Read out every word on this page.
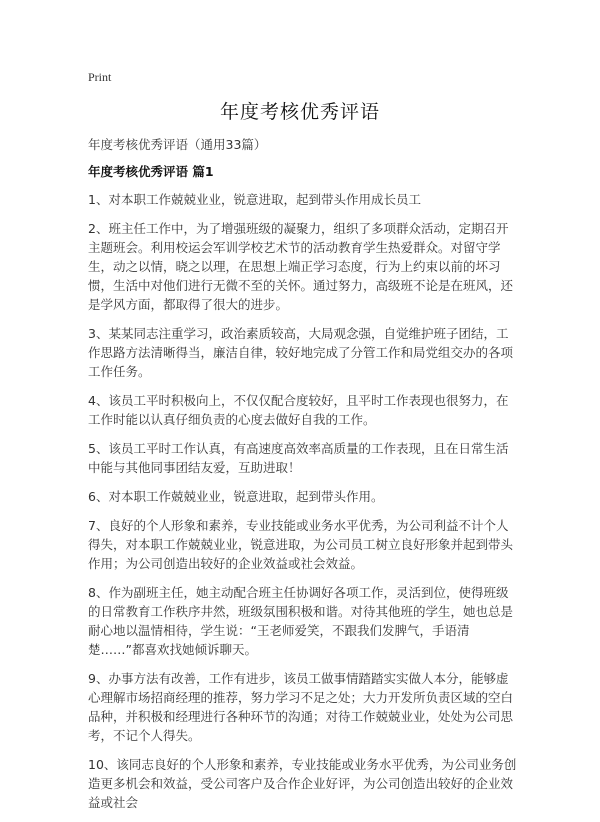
Print
年度考核优秀评语
年度考核优秀评语（通用33篇）
年度考核优秀评语 篇1

1、对本职工作兢兢业业，锐意进取，起到带头作用成长员工

2、班主任工作中，为了增强班级的凝聚力，组织了多项群众活动，定期召开主题班会。利用校运会军训学校艺术节的活动教育学生热爱群众。对留守学生，动之以情，晓之以理，在思想上端正学习态度，行为上约束以前的坏习惯，生活中对他们进行无微不至的关怀。通过努力，高级班不论是在班风，还是学风方面，都取得了很大的进步。

3、某某同志注重学习，政治素质较高，大局观念强，自觉维护班子团结，工作思路方法清晰得当，廉洁自律，较好地完成了分管工作和局党组交办的各项工作任务。

4、该员工平时积极向上，不仅仅配合度较好，且平时工作表现也很努力，在工作时能以认真仔细负责的心度去做好自我的工作。

5、该员工平时工作认真，有高速度高效率高质量的工作表现，且在日常生活中能与其他同事团结友爱，互助进取！

6、对本职工作兢兢业业，锐意进取，起到带头作用。

7、良好的个人形象和素养，专业技能或业务水平优秀，为公司利益不计个人得失，对本职工作兢兢业业，锐意进取，为公司员工树立良好形象并起到带头作用；为公司创造出较好的企业效益或社会效益。

8、作为副班主任，她主动配合班主任协调好各项工作，灵活到位，使得班级的日常教育工作秩序井然，班级氛围积极和谐。对待其他班的学生，她也总是耐心地以温情相待，学生说：“王老师爱笑，不跟我们发脾气，手语清楚……”都喜欢找她倾诉聊天。

9、办事方法有改善，工作有进步，该员工做事情踏踏实实做人本分，能够虚心理解市场招商经理的推荐，努力学习不足之处；大力开发所负责区域的空白品种，并积极和经理进行各种环节的沟通；对待工作兢兢业业，处处为公司思考，不记个人得失。

10、该同志良好的个人形象和素养，专业技能或业务水平优秀，为公司业务创造更多机会和效益，受公司客户及合作企业好评，为公司创造出较好的企业效益或社会
